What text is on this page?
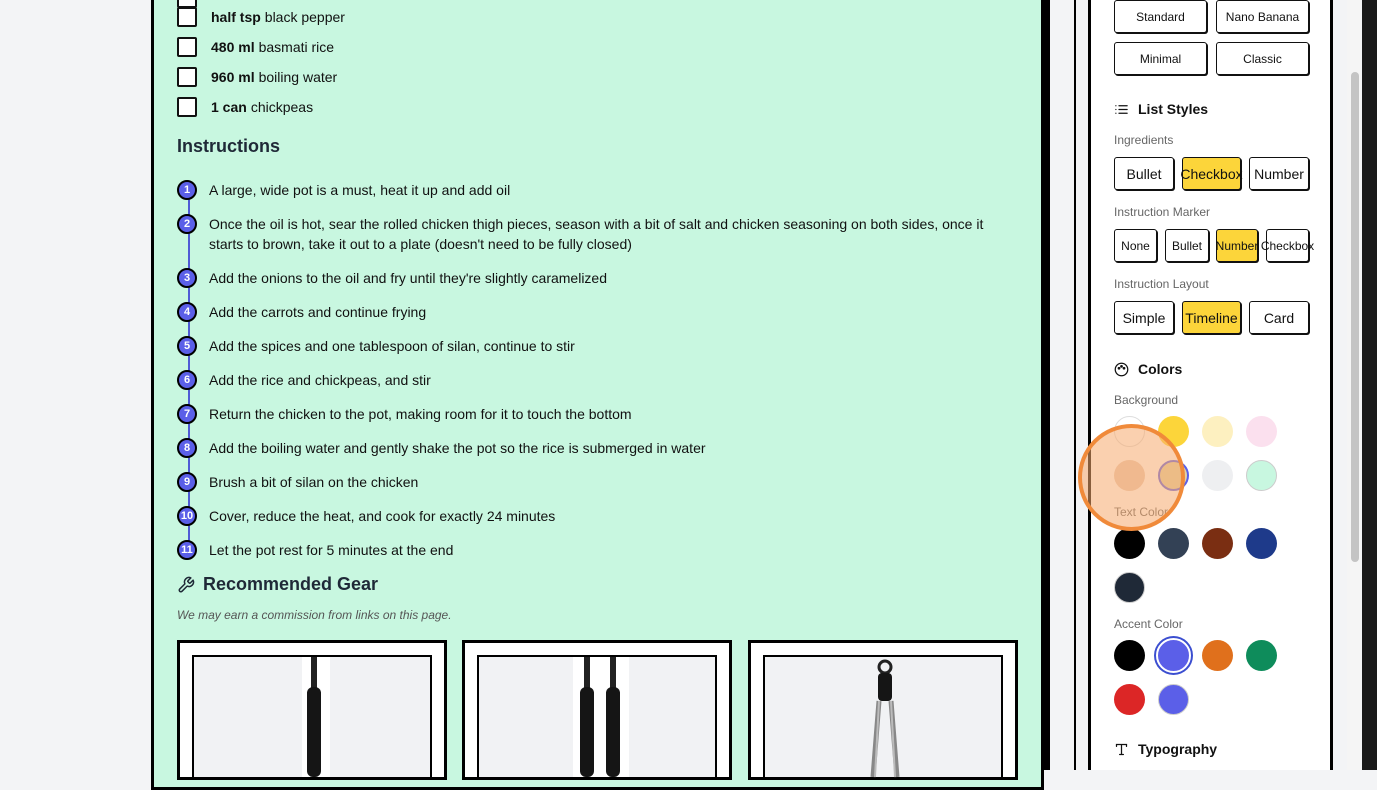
half tsp black pepper
480 ml basmati rice
960 ml boiling water
1 can chickpeas
Instructions
1	A large, wide pot is a must, heat it up and add oil
2	Once the oil is hot, sear the rolled chicken thigh pieces, season with a bit of salt and chicken seasoning on both sides, once it starts to brown, take it out to a plate (doesn't need to be fully closed)
3	Add the onions to the oil and fry until they're slightly caramelized
4	Add the carrots and continue frying
5	Add the spices and one tablespoon of silan, continue to stir
6	Add the rice and chickpeas, and stir
7	Return the chicken to the pot, making room for it to touch the bottom
8	Add the boiling water and gently shake the pot so the rice is submerged in water
9	Brush a bit of silan on the chicken
10 Cover, reduce the heat, and cook for exactly 24 minutes
11 Let the pot rest for 5 minutes at the end
Recommended Gear
We may earn a commission from links on this page.
Standard	Nano Banana
Minimal	Classic
List Styles
Ingredients
Bullet	Checkbox Number
Instruction Marker
None	Bullet	Number Checkbox
Instruction Layout
Simple	Timeline	Card
Colors
Background
Accent Color
Typography
